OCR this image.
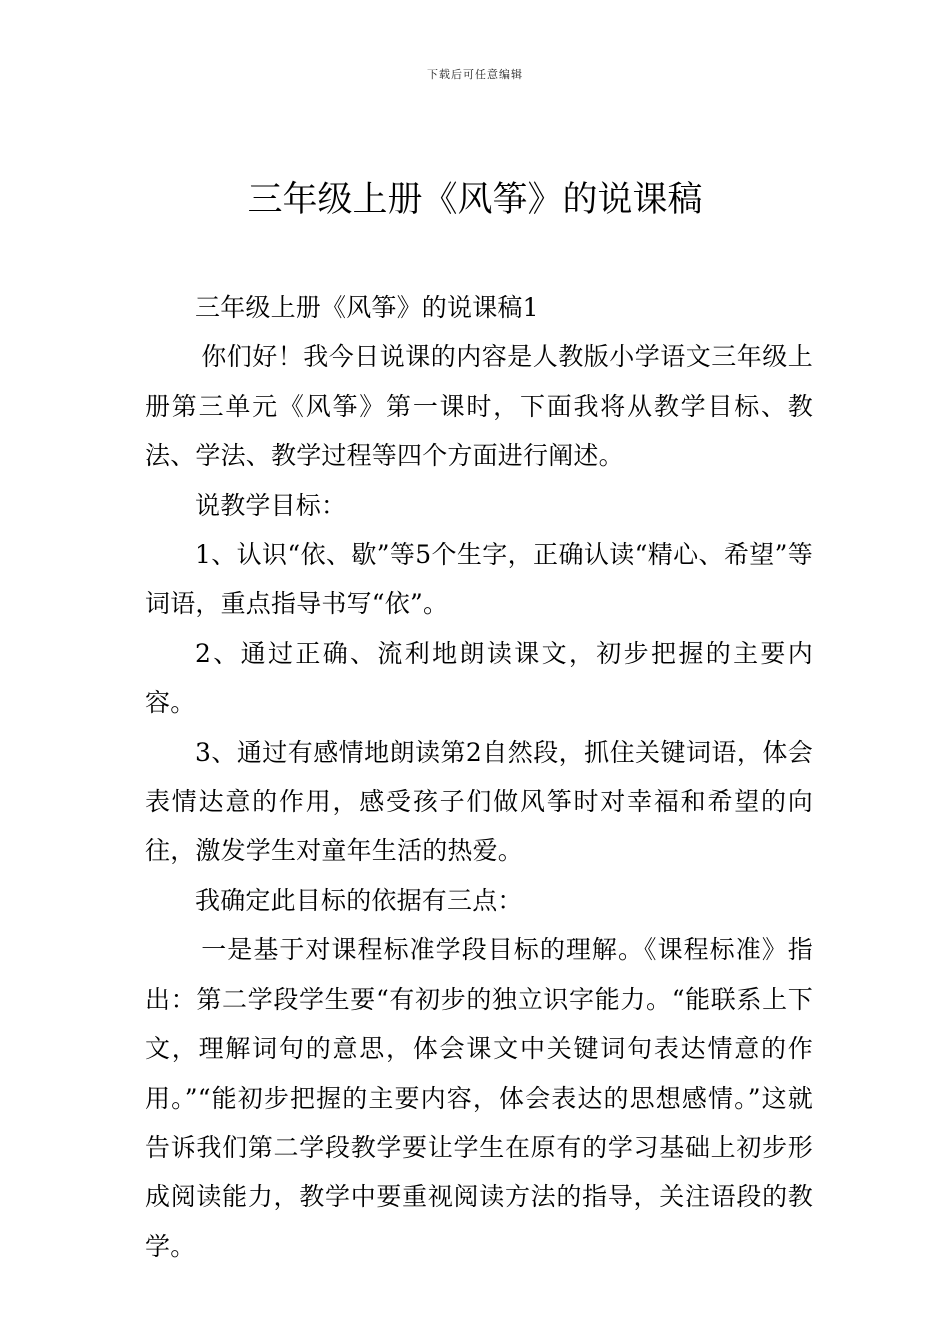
下载后可任意编辑
三年级上册《风筝》的说课稿

三年级上册《风筝》的说课稿1

你们好！我今日说课的内容是人教版小学语文三年级上册第三单元《风筝》第一课时，下面我将从教学目标、教法、学法、教学过程等四个方面进行阐述。

说教学目标：

1、认识“依、歇”等5个生字，正确认读“精心、希望”等词语，重点指导书写“依”。

2、通过正确、流利地朗读课文，初步把握的主要内容。

3、通过有感情地朗读第2自然段，抓住关键词语，体会表情达意的作用，感受孩子们做风筝时对幸福和希望的向往，激发学生对童年生活的热爱。

我确定此目标的依据有三点：

一是基于对课程标准学段目标的理解。《课程标准》指出：第二学段学生要“有初步的独立识字能力。“能联系上下文，理解词句的意思，体会课文中关键词句表达情意的作用。”“能初步把握的主要内容，体会表达的思想感情。”这就告诉我们第二学段教学要让学生在原有的学习基础上初步形成阅读能力，教学中要重视阅读方法的指导，关注语段的教学。
